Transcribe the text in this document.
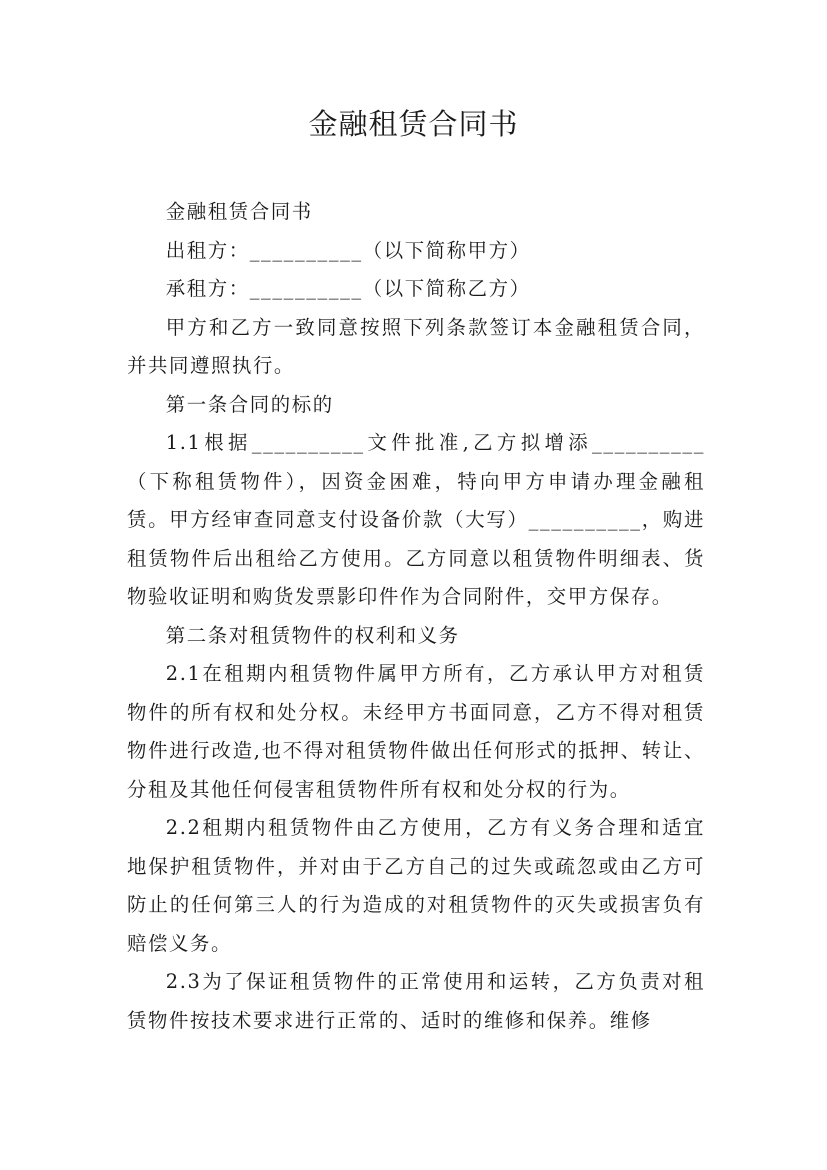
金融租赁合同书

金融租赁合同书

出租方：__________（以下简称甲方）

承租方：__________（以下简称乙方）

甲方和乙方一致同意按照下列条款签订本金融租赁合同，并共同遵照执行。

第一条合同的标的

1.1根据__________文件批准,乙方拟增添__________（下称租赁物件），因资金困难，特向甲方申请办理金融租赁。甲方经审查同意支付设备价款（大写）__________，购进租赁物件后出租给乙方使用。乙方同意以租赁物件明细表、货物验收证明和购货发票影印件作为合同附件，交甲方保存。

第二条对租赁物件的权利和义务

2.1在租期内租赁物件属甲方所有，乙方承认甲方对租赁物件的所有权和处分权。未经甲方书面同意，乙方不得对租赁物件进行改造,也不得对租赁物件做出任何形式的抵押、转让、分租及其他任何侵害租赁物件所有权和处分权的行为。

2.2租期内租赁物件由乙方使用，乙方有义务合理和适宜地保护租赁物件，并对由于乙方自己的过失或疏忽或由乙方可防止的任何第三人的行为造成的对租赁物件的灭失或损害负有赔偿义务。

2.3为了保证租赁物件的正常使用和运转，乙方负责对租赁物件按技术要求进行正常的、适时的维修和保养。维修
